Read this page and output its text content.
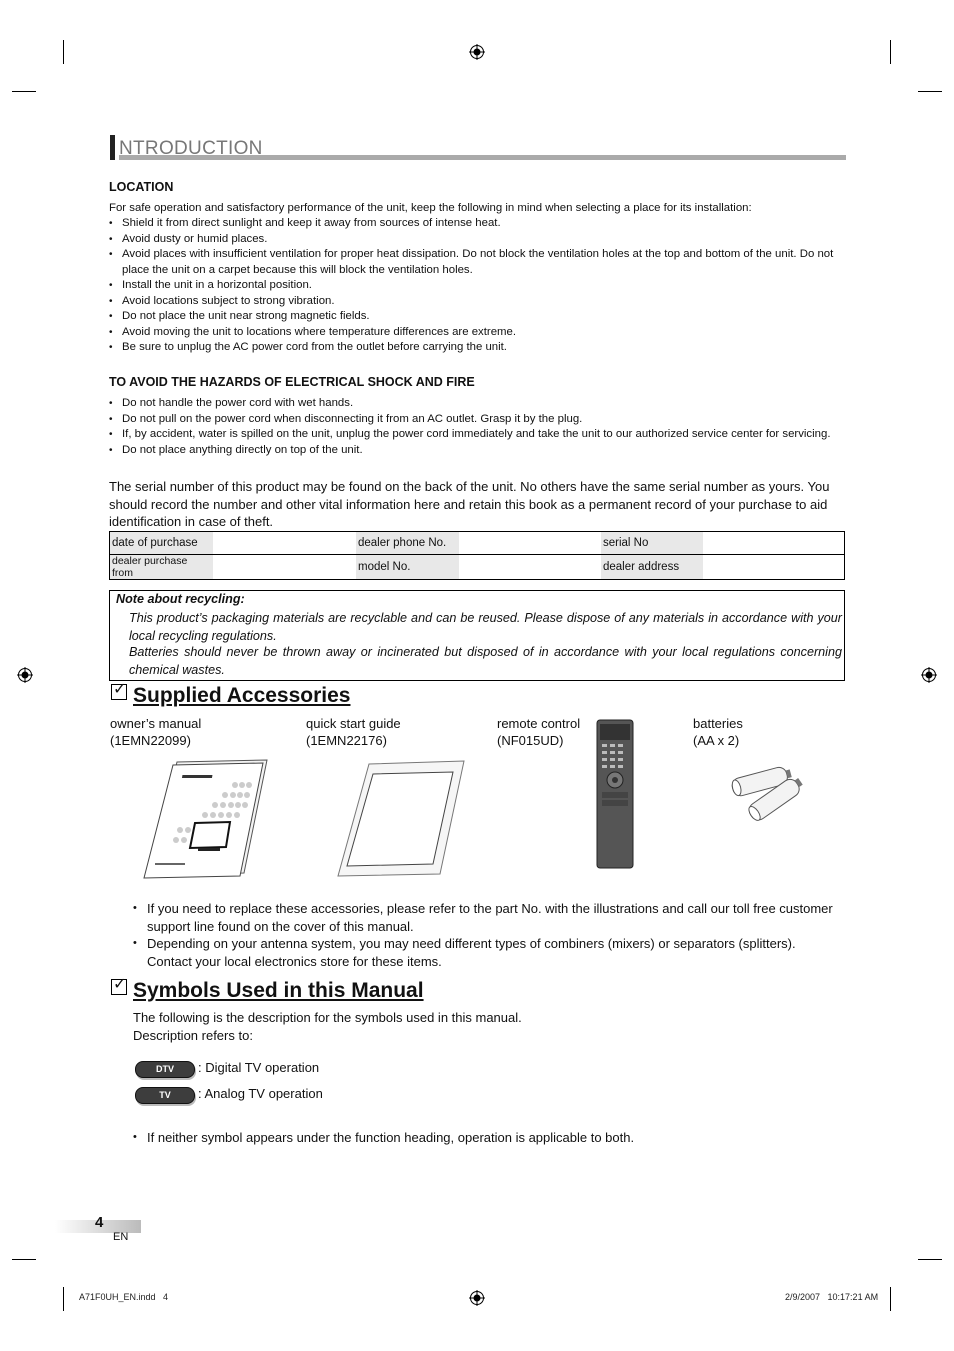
NTRODUCTION
LOCATION
For safe operation and satisfactory performance of the unit, keep the following in mind when selecting a place for its installation:
• Shield it from direct sunlight and keep it away from sources of intense heat.
• Avoid dusty or humid places.
• Avoid places with insufficient ventilation for proper heat dissipation. Do not block the ventilation holes at the top and bottom of the unit. Do not place the unit on a carpet because this will block the ventilation holes.
• Install the unit in a horizontal position.
• Avoid locations subject to strong vibration.
• Do not place the unit near strong magnetic fields.
• Avoid moving the unit to locations where temperature differences are extreme.
• Be sure to unplug the AC power cord from the outlet before carrying the unit.
TO AVOID THE HAZARDS OF ELECTRICAL SHOCK AND FIRE
• Do not handle the power cord with wet hands.
• Do not pull on the power cord when disconnecting it from an AC outlet. Grasp it by the plug.
• If, by accident, water is spilled on the unit, unplug the power cord immediately and take the unit to our authorized service center for servicing.
• Do not place anything directly on top of the unit.
The serial number of this product may be found on the back of the unit. No others have the same serial number as yours. You should record the number and other vital information here and retain this book as a permanent record of your purchase to aid identification in case of theft.
date of purchase		dealer phone No.		serial No	
dealer purchase from		model No.		dealer address	
Note about recycling:
This product’s packaging materials are recyclable and can be reused. Please dispose of any materials in accordance with your local recycling regulations.
Batteries should never be thrown away or incinerated but disposed of in accordance with your local regulations concerning chemical wastes.
✓Supplied Accessories
owner’s manual
(1EMN22099)
quick start guide
(1EMN22176)
remote control
(NF015UD)
batteries
(AA x 2)
• If you need to replace these accessories, please refer to the part No. with the illustrations and call our toll free customer support line found on the cover of this manual.
• Depending on your antenna system, you may need different types of combiners (mixers) or separators (splitters). Contact your local electronics store for these items.
✓Symbols Used in this Manual
The following is the description for the symbols used in this manual.
Description refers to:
DTV	: Digital TV operation
TV	: Analog TV operation
• If neither symbol appears under the function heading, operation is applicable to both.
4
EN
A71F0UH_EN.indd   4	2/9/2007   10:17:21 AM
